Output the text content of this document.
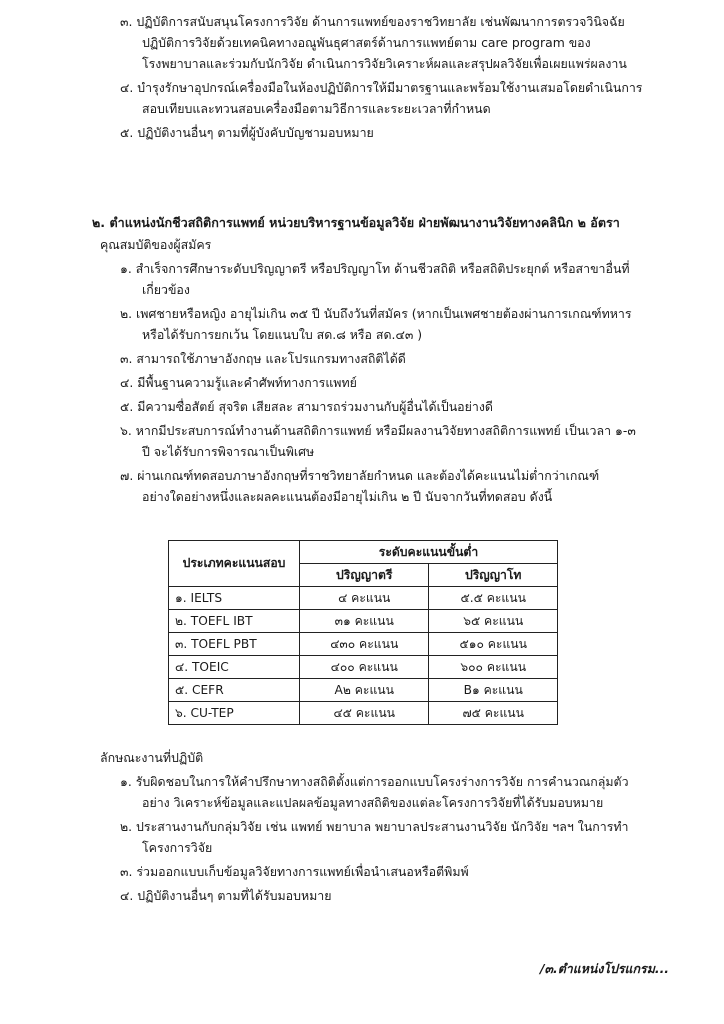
๓. ปฏิบัติการสนับสนุนโครงการวิจัย ด้านการแพทย์ของราชวิทยาลัย เช่นพัฒนาการตรวจวินิจฉัย
ปฏิบัติการวิจัยด้วยเทคนิคทางอณูพันธุศาสตร์ด้านการแพทย์ตาม care program ของ
โรงพยาบาลและร่วมกับนักวิจัย ดำเนินการวิจัยวิเคราะห์ผลและสรุปผลวิจัยเพื่อเผยแพร่ผลงาน
๔. บำรุงรักษาอุปกรณ์เครื่องมือในห้องปฏิบัติการให้มีมาตรฐานและพร้อมใช้งานเสมอโดยดำเนินการ
สอบเทียบและทวนสอบเครื่องมือตามวิธีการและระยะเวลาที่กำหนด
๕. ปฏิบัติงานอื่นๆ ตามที่ผู้บังคับบัญชามอบหมาย
๒. ตำแหน่งนักชีวสถิติการแพทย์ หน่วยบริหารฐานข้อมูลวิจัย ฝ่ายพัฒนางานวิจัยทางคลินิก ๒ อัตรา
คุณสมบัติของผู้สมัคร
๑. สำเร็จการศึกษาระดับปริญญาตรี หรือปริญญาโท ด้านชีวสถิติ หรือสถิติประยุกต์ หรือสาขาอื่นที่
เกี่ยวข้อง
๒. เพศชายหรือหญิง อายุไม่เกิน ๓๕ ปี นับถึงวันที่สมัคร (หากเป็นเพศชายต้องผ่านการเกณฑ์ทหาร
หรือได้รับการยกเว้น โดยแนบใบ สด.๘ หรือ สด.๔๓ )
๓. สามารถใช้ภาษาอังกฤษ และโปรแกรมทางสถิติได้ดี
๔. มีพื้นฐานความรู้และคำศัพท์ทางการแพทย์
๕. มีความซื่อสัตย์ สุจริต เสียสละ สามารถร่วมงานกับผู้อื่นได้เป็นอย่างดี
๖. หากมีประสบการณ์ทำงานด้านสถิติการแพทย์ หรือมีผลงานวิจัยทางสถิติการแพทย์ เป็นเวลา ๑-๓
ปี จะได้รับการพิจารณาเป็นพิเศษ
๗. ผ่านเกณฑ์ทดสอบภาษาอังกฤษที่ราชวิทยาลัยกำหนด และต้องได้คะแนนไม่ต่ำกว่าเกณฑ์
อย่างใดอย่างหนึ่งและผลคะแนนต้องมีอายุไม่เกิน ๒ ปี นับจากวันที่ทดสอบ ดังนี้
ประเภทคะแนนสอบ	ระดับคะแนนขั้นต่ำ	
	ปริญญาตรี	ปริญญาโท
๑. IELTS	๔ คะแนน	๕.๕ คะแนน
๒. TOEFL IBT	๓๑ คะแนน	๖๕ คะแนน
๓. TOEFL PBT	๔๓๐ คะแนน	๕๑๐ คะแนน
๔. TOEIC	๔๐๐ คะแนน	๖๐๐ คะแนน
๕. CEFR	A๒ คะแนน	B๑ คะแนน
๖. CU-TEP	๔๕ คะแนน	๗๕ คะแนน
ลักษณะงานที่ปฏิบัติ
๑. รับผิดชอบในการให้คำปรึกษาทางสถิติตั้งแต่การออกแบบโครงร่างการวิจัย การคำนวณกลุ่มตัว
อย่าง วิเคราะห์ข้อมูลและแปลผลข้อมูลทางสถิติของแต่ละโครงการวิจัยที่ได้รับมอบหมาย
๒. ประสานงานกับกลุ่มวิจัย เช่น แพทย์ พยาบาล พยาบาลประสานงานวิจัย นักวิจัย ฯลฯ ในการทำ
โครงการวิจัย
๓. ร่วมออกแบบเก็บข้อมูลวิจัยทางการแพทย์เพื่อนำเสนอหรือตีพิมพ์
๔. ปฏิบัติงานอื่นๆ ตามที่ได้รับมอบหมาย
/๓.ตำแหน่งโปรแกรม...
